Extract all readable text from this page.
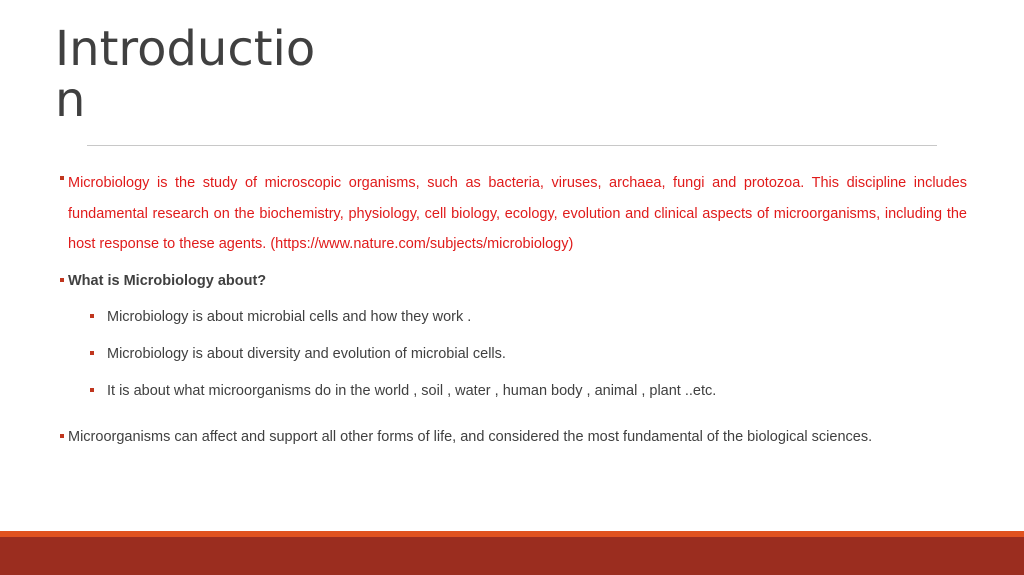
Introduction
Microbiology is the study of microscopic organisms, such as bacteria, viruses, archaea, fungi and protozoa. This discipline includes fundamental research on the biochemistry, physiology, cell biology, ecology, evolution and clinical aspects of microorganisms, including the host response to these agents. (https://www.nature.com/subjects/microbiology)
What is Microbiology about?
Microbiology is about microbial cells and how they work .
Microbiology is about diversity and evolution of microbial cells.
It is about what microorganisms do in the world , soil , water , human body , animal , plant ..etc.
Microorganisms can affect and support all other forms of life, and considered the most fundamental of the biological sciences.
